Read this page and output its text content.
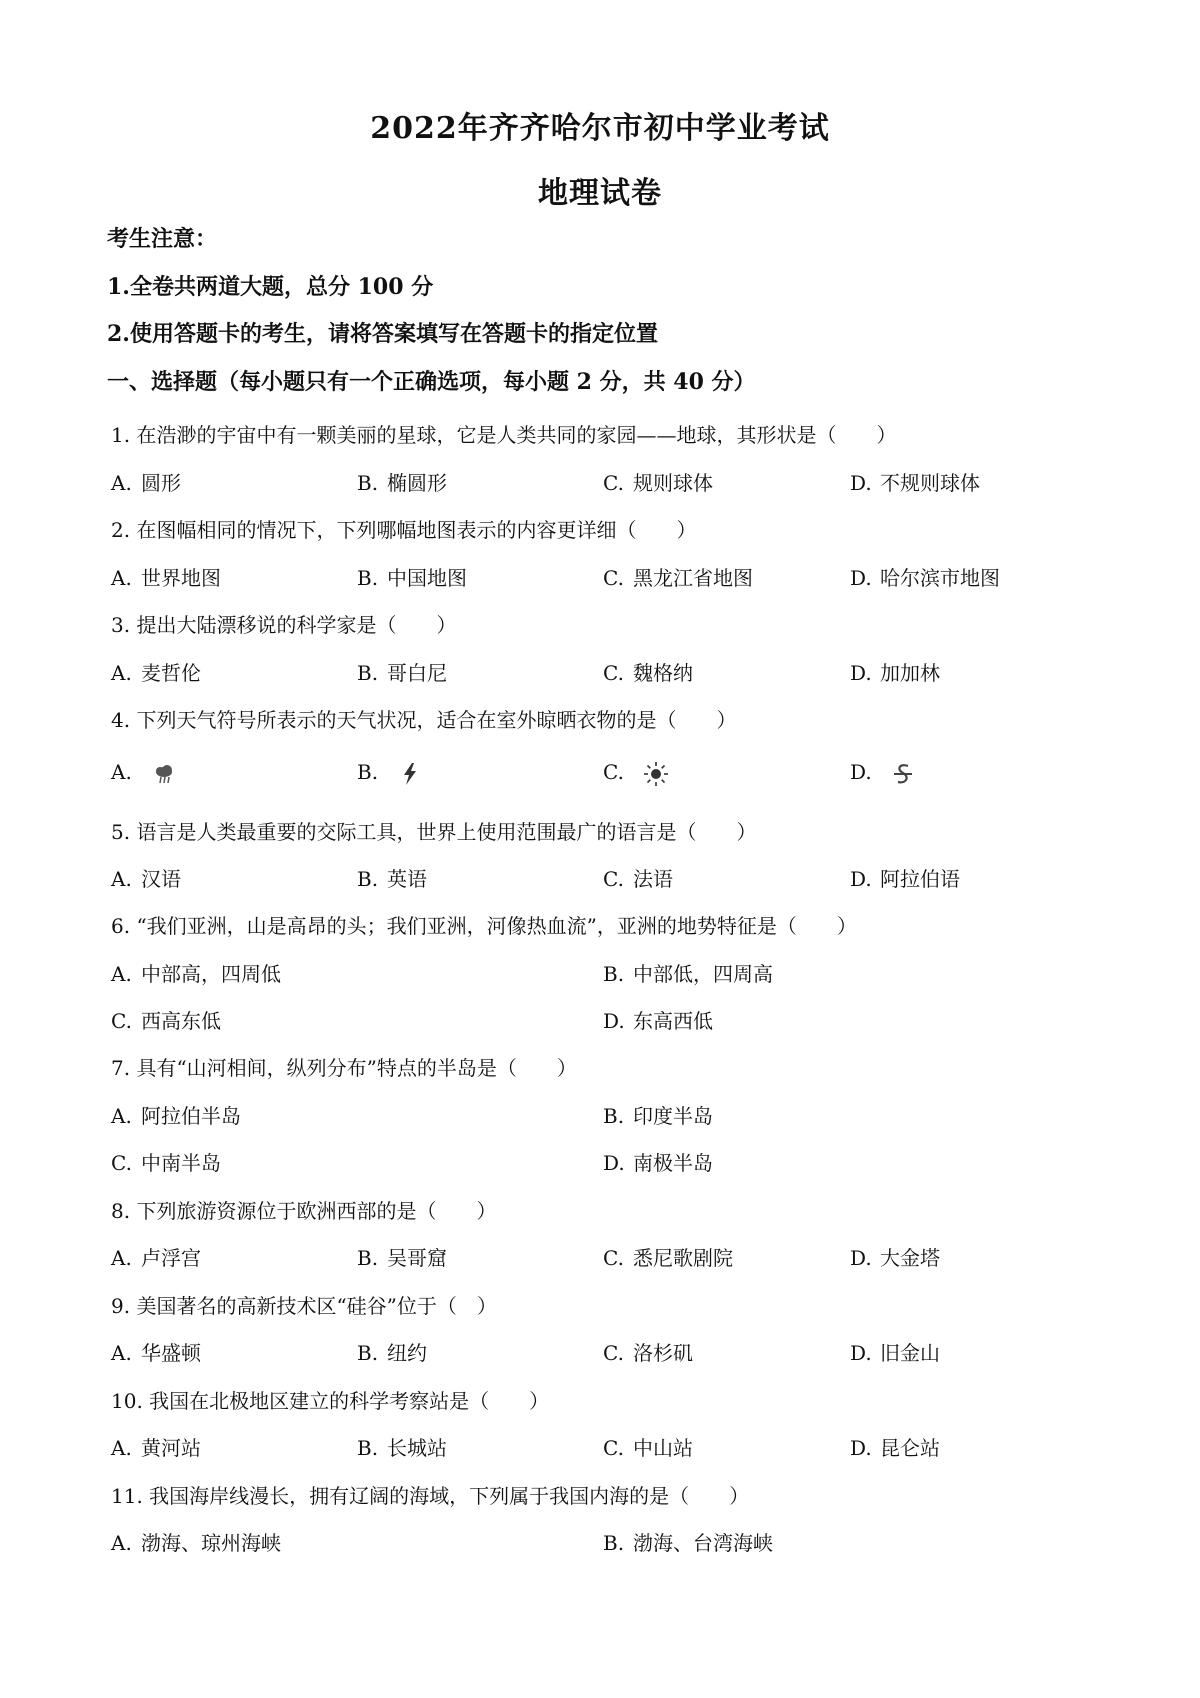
2022年齐齐哈尔市初中学业考试
地理试卷
考生注意：
1.全卷共两道大题，总分 100 分
2.使用答题卡的考生，请将答案填写在答题卡的指定位置
一、选择题（每小题只有一个正确选项，每小题 2 分，共 40 分）
1. 在浩渺的宇宙中有一颗美丽的星球，它是人类共同的家园——地球，其形状是（　　）
A. 圆形	B. 椭圆形	C. 规则球体	D. 不规则球体
2. 在图幅相同的情况下，下列哪幅地图表示的内容更详细（　　）
A. 世界地图	B. 中国地图	C. 黑龙江省地图	D. 哈尔滨市地图
3. 提出大陆漂移说的科学家是（　　）
A. 麦哲伦	B. 哥白尼	C. 魏格纳	D. 加加林
4. 下列天气符号所表示的天气状况，适合在室外晾晒衣物的是（　　）
A.	B.	C.	D.
5. 语言是人类最重要的交际工具，世界上使用范围最广的语言是（　　）
A. 汉语	B. 英语	C. 法语	D. 阿拉伯语
6. “我们亚洲，山是高昂的头；我们亚洲，河像热血流”，亚洲的地势特征是（　　）
A. 中部高，四周低	B. 中部低，四周高
C. 西高东低	D. 东高西低
7. 具有“山河相间，纵列分布”特点的半岛是（　　）
A. 阿拉伯半岛	B. 印度半岛
C. 中南半岛	D. 南极半岛
8. 下列旅游资源位于欧洲西部的是（　　）
A. 卢浮宫	B. 吴哥窟	C. 悉尼歌剧院	D. 大金塔
9. 美国著名的高新技术区“硅谷”位于（　）
A. 华盛顿	B. 纽约	C. 洛杉矶	D. 旧金山
10. 我国在北极地区建立的科学考察站是（　　）
A. 黄河站	B. 长城站	C. 中山站	D. 昆仑站
11. 我国海岸线漫长，拥有辽阔的海域，下列属于我国内海的是（　　）
A. 渤海、琼州海峡	B. 渤海、台湾海峡
